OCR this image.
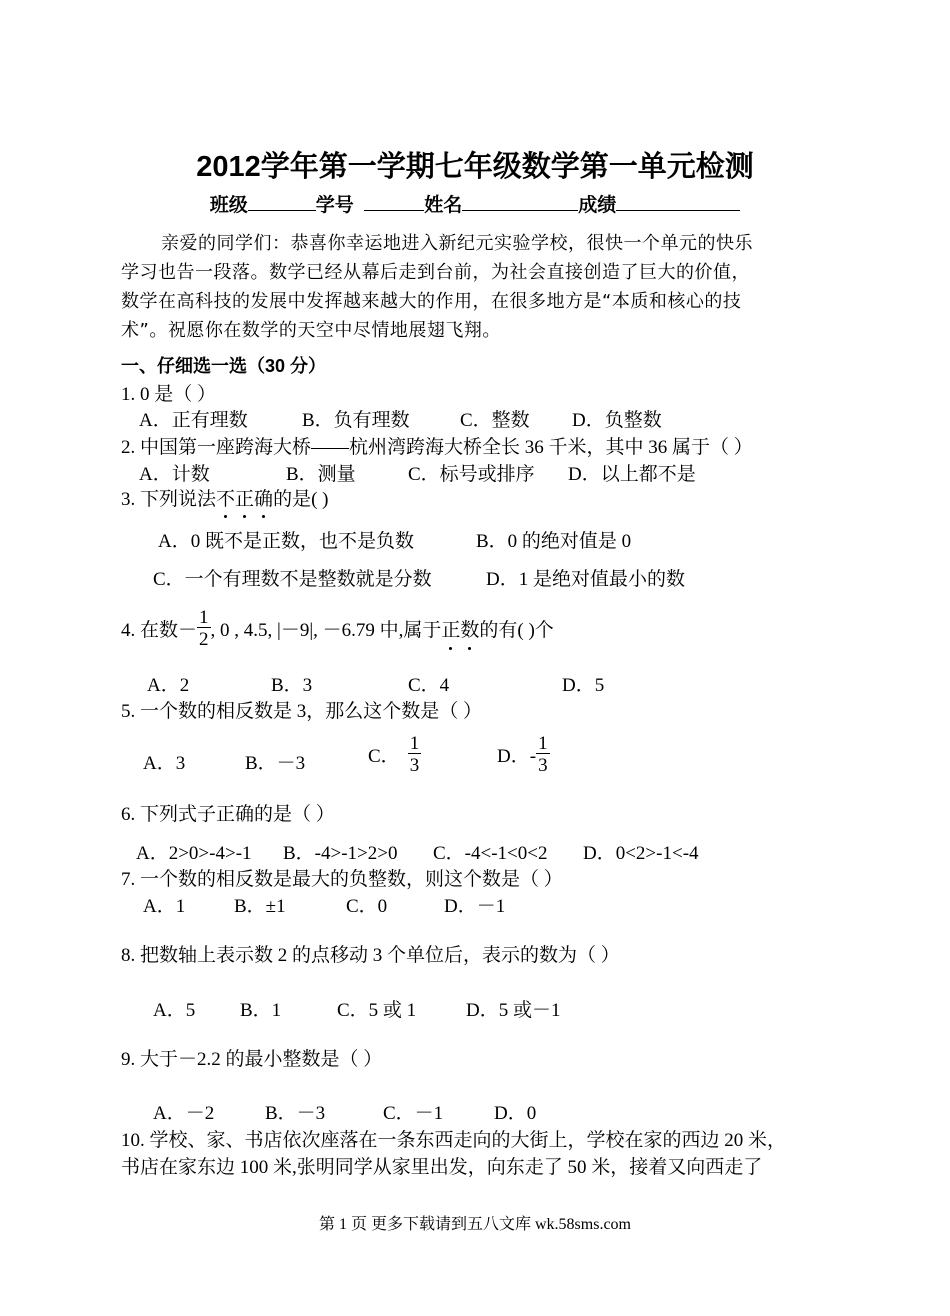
2012学年第一学期七年级数学第一单元检测
班级	学号	姓名	成绩

亲爱的同学们：恭喜你幸运地进入新纪元实验学校，很快一个单元的快乐

学习也告一段落。数学已经从幕后走到台前，为社会直接创造了巨大的价值，

数学在高科技的发展中发挥越来越大的作用，在很多地方是“本质和核心的技

术”。祝愿你在数学的天空中尽情地展翅飞翔。

一、仔细选一选（30 分）
1. 0 是（ ）
A．正有理数	B．负有理数	C．整数 D．负整数
2. 中国第一座跨海大桥——杭州湾跨海大桥全长 36 千米，其中 36 属于（ ）
A．计数	B．测量	C．标号或排序 D．以上都不是
3. 下列说法不正确的是( )
A．0 既不是正数，也不是负数	B．0 的绝对值是 0
C．一个有理数不是整数就是分数	D．1 是绝对值最小的数
4. 在数－ $\frac{1}{2}$ , 0 , 4.5, |－9|, －6.79 中,属于 正 数 的有( )个
A．2	B．3	C．4	D．5
5. 一个数的相反数是 3，那么这个数是（ ）
A．3	B．－3	C． $\frac{1}{3}$	D．- $\frac{1}{3}$
6. 下列式子正确的是（ ）
A．2>0>-4>-1 B．-4>-1>2>0 C．-4<-1<0<2 D．0<2>-1<-4
7. 一个数的相反数是最大的负整数，则这个数是（ ）
A．1	B．±1	C．0	D．－1
8. 把数轴上表示数 2 的点移动 3 个单位后，表示的数为（ ）
A．5 B．1	C．5 或 1	D．5 或－1
9. 大于－2.2 的最小整数是（ ）
A．－2	B．－3	C．－1	D．0
10. 学校、家、书店依次座落在一条东西走向的大街上，学校在家的西边 20 米，
书店在家东边 100 米,张明同学从家里出发，向东走了 50 米，接着又向西走了
第 1 页 更多下载请到五八文库 wk.58sms.com
